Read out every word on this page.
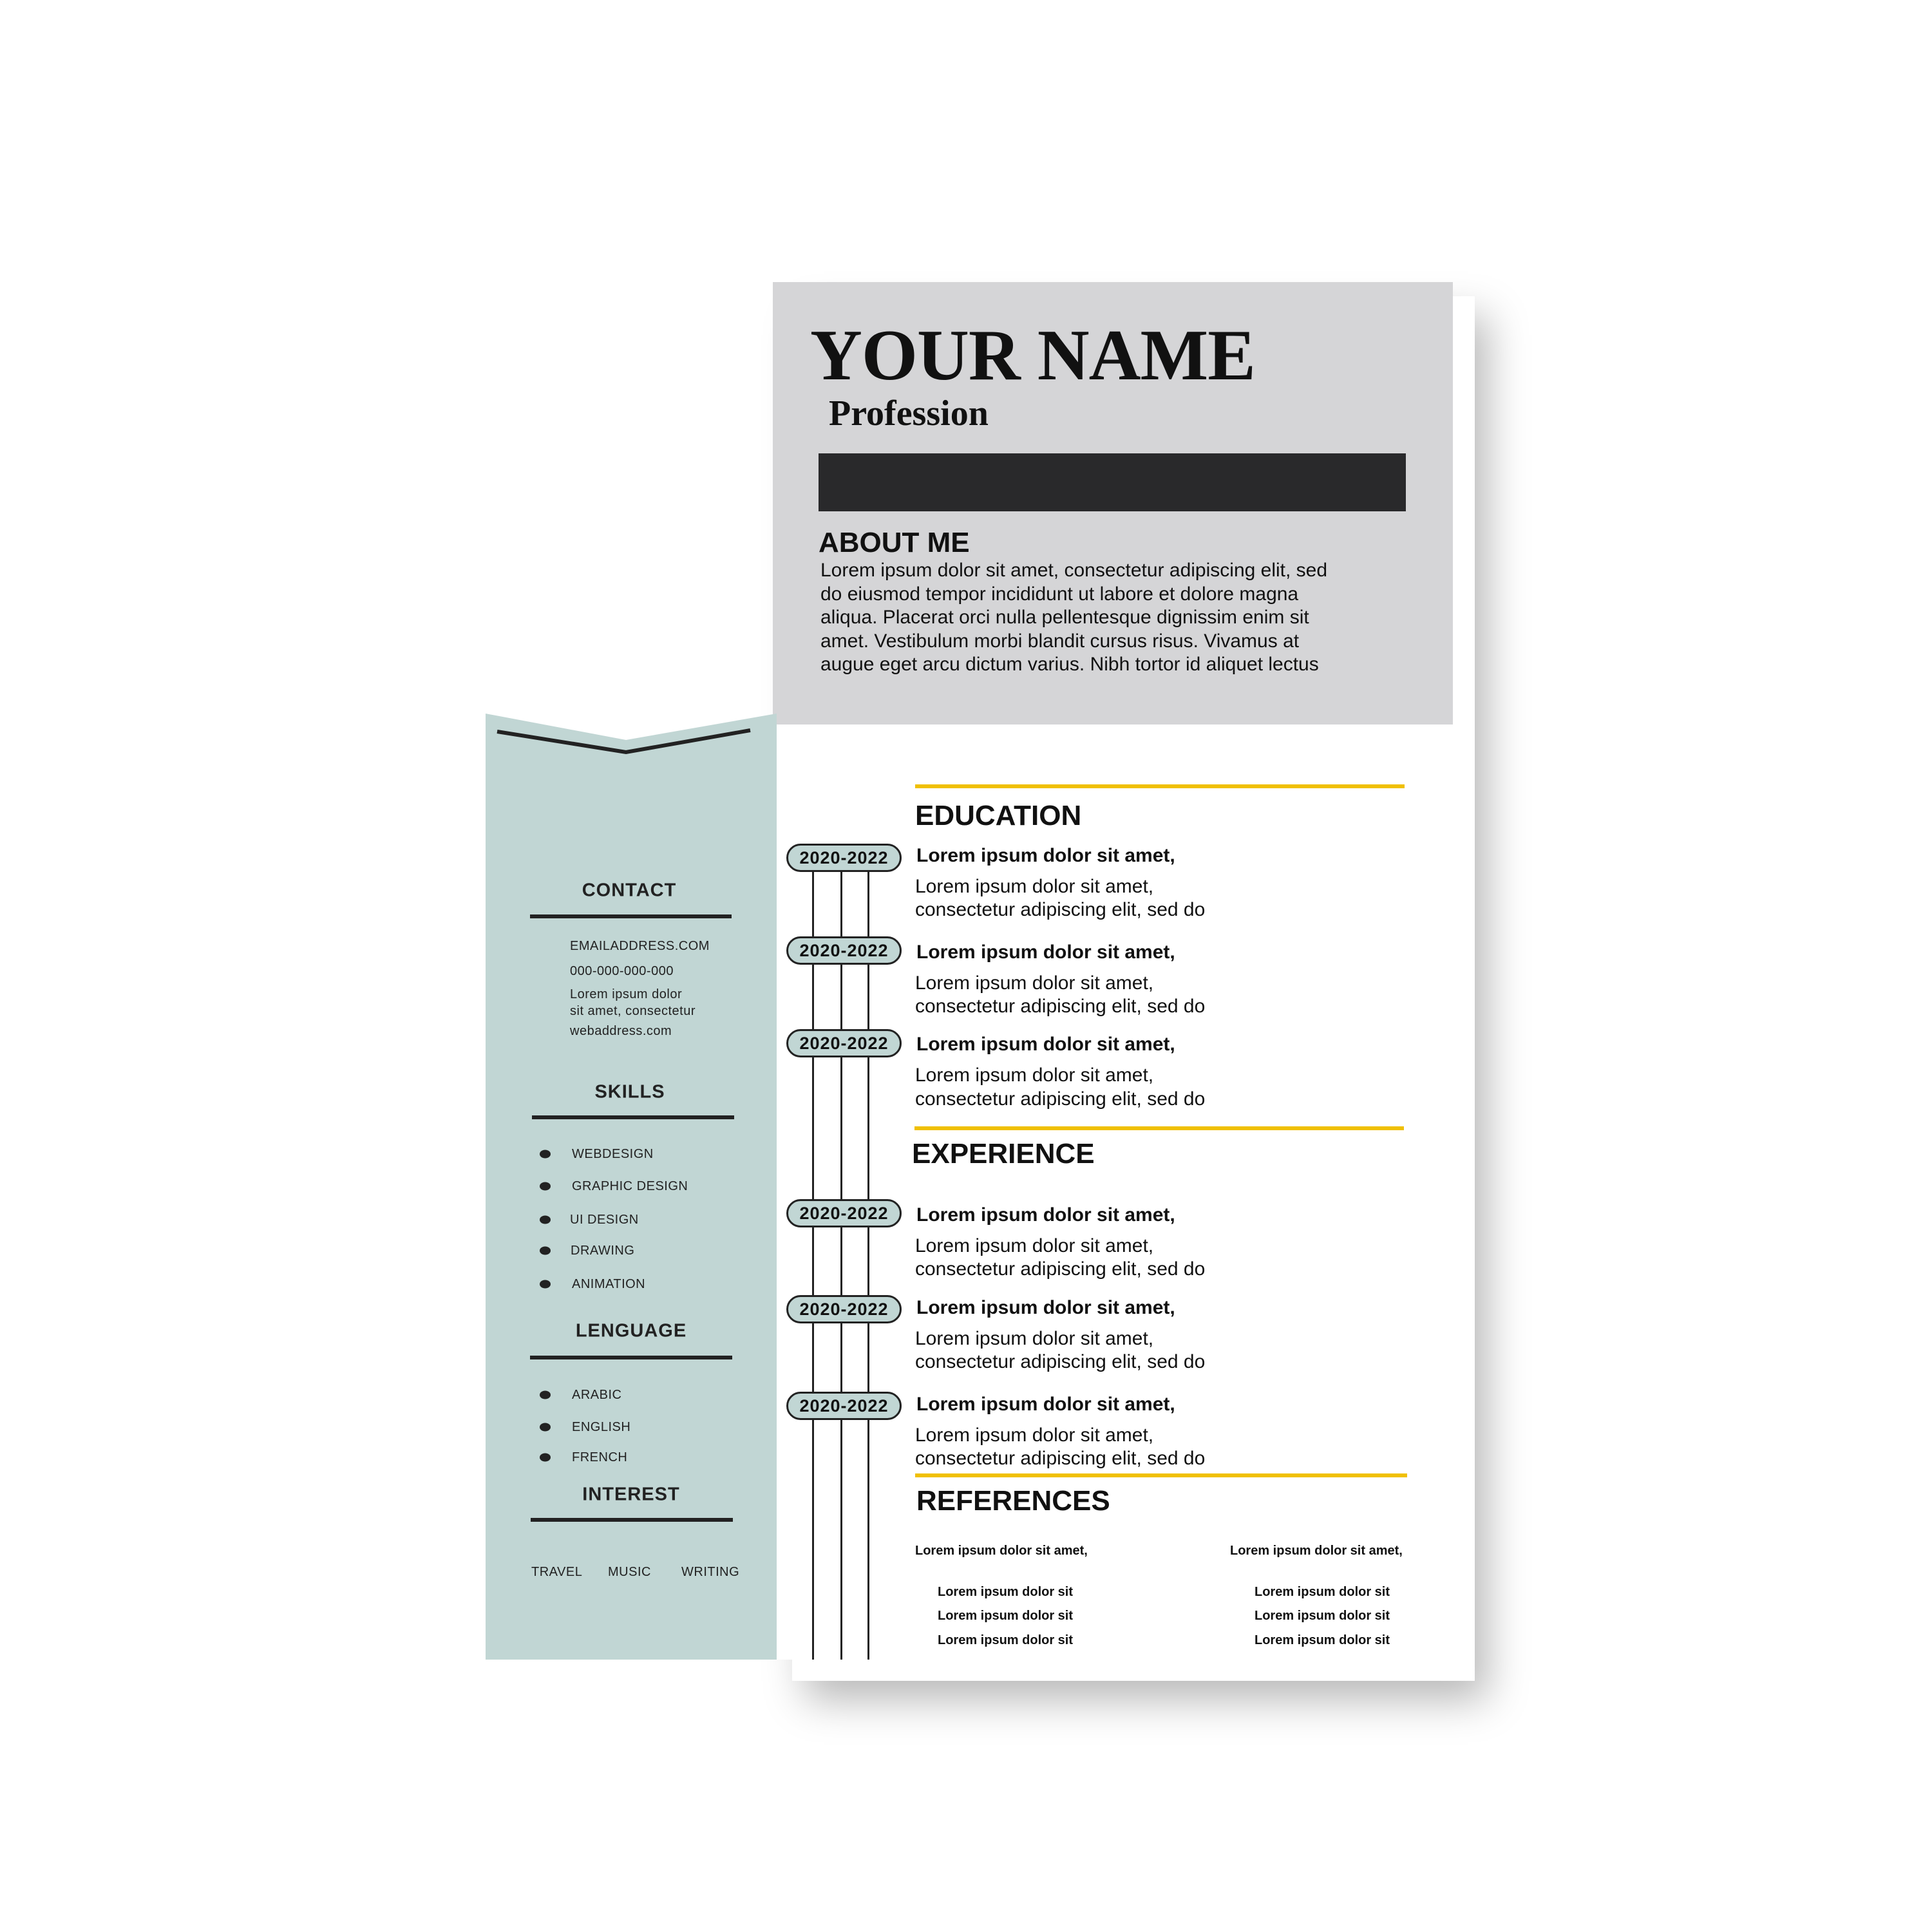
YOUR NAME
Profession
ABOUT ME
Lorem ipsum dolor sit amet, consectetur adipiscing elit, sed
do eiusmod tempor incididunt ut labore et dolore magna
aliqua. Placerat orci nulla pellentesque dignissim enim sit
amet. Vestibulum morbi blandit cursus risus. Vivamus at
augue eget arcu dictum varius. Nibh tortor id aliquet lectus
CONTACT
EMAILADDRESS.COM
000-000-000-000
Lorem ipsum dolor
sit amet, consectetur
webaddress.com
SKILLS
WEBDESIGN
GRAPHIC DESIGN
UI DESIGN
DRAWING
ANIMATION
LENGUAGE
ARABIC
ENGLISH
FRENCH
INTEREST
TRAVEL MUSIC WRITING
EDUCATION
2020-2022	Lorem ipsum dolor sit amet,
Lorem ipsum dolor sit amet,
consectetur adipiscing elit, sed do
2020-2022	Lorem ipsum dolor sit amet,
Lorem ipsum dolor sit amet,
consectetur adipiscing elit, sed do
2020-2022	Lorem ipsum dolor sit amet,
Lorem ipsum dolor sit amet,
consectetur adipiscing elit, sed do
EXPERIENCE
2020-2022	Lorem ipsum dolor sit amet,
Lorem ipsum dolor sit amet,
consectetur adipiscing elit, sed do
2020-2022	Lorem ipsum dolor sit amet,
Lorem ipsum dolor sit amet,
consectetur adipiscing elit, sed do
2020-2022	Lorem ipsum dolor sit amet,
Lorem ipsum dolor sit amet,
consectetur adipiscing elit, sed do
REFERENCES
Lorem ipsum dolor sit amet,
Lorem ipsum dolor sit
Lorem ipsum dolor sit
Lorem ipsum dolor sit
Lorem ipsum dolor sit amet,
Lorem ipsum dolor sit
Lorem ipsum dolor sit
Lorem ipsum dolor sit
